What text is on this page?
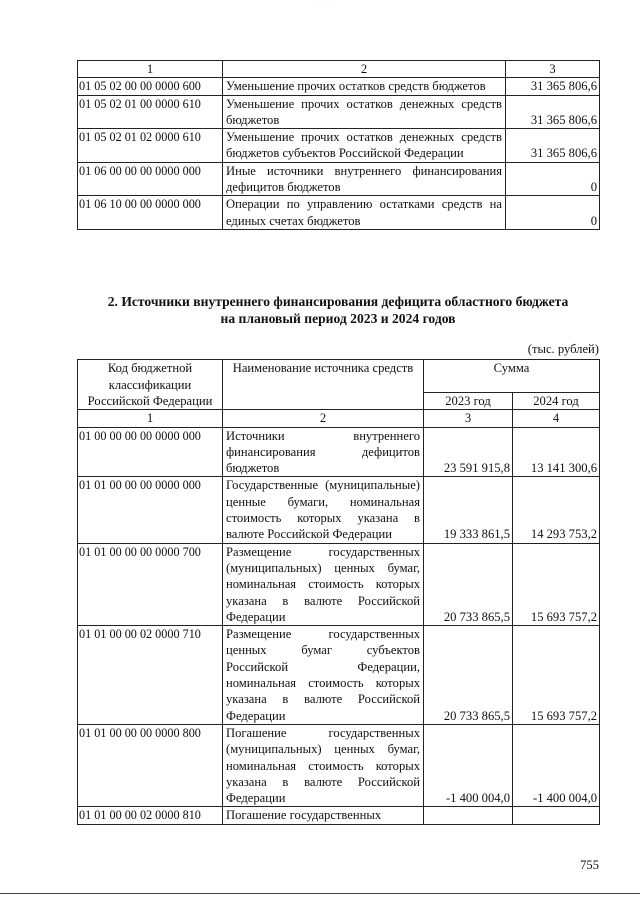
· · ·
1	2	3
01 05 02 00 00 0000 600	Уменьшение прочих остатков средств бюджетов	31 365 806,6
01 05 02 01 00 0000 610	Уменьшение прочих остатков денежных средств бюджетов	31 365 806,6
01 05 02 01 02 0000 610	Уменьшение прочих остатков денежных средств бюджетов субъектов Российской Федерации	31 365 806,6
01 06 00 00 00 0000 000	Иные источники внутреннего финансирования дефицитов бюджетов	0
01 06 10 00 00 0000 000	Операции по управлению остатками средств на единых счетах бюджетов	0
2. Источники внутреннего финансирования дефицита областного бюджета
на плановый период 2023 и 2024 годов
(тыс. рублей)
Код бюджетной классификации Российской Федерации	Наименование источника средств	Сумма	
		2023 год	2024 год
1	2	3	4
01 00 00 00 00 0000 000	Источники внутреннего финансирования дефицитов бюджетов	23 591 915,8	13 141 300,6
01 01 00 00 00 0000 000	Государственные (муниципальные) ценные бумаги, номинальная стоимость которых указана в валюте Российской Федерации	19 333 861,5	14 293 753,2
01 01 00 00 00 0000 700	Размещение государственных (муниципальных) ценных бумаг, номинальная стоимость которых указана в валюте Российской Федерации	20 733 865,5	15 693 757,2
01 01 00 00 02 0000 710	Размещение государственных ценных бумаг субъектов Российской Федерации, номинальная стоимость которых указана в валюте Российской Федерации	20 733 865,5	15 693 757,2
01 01 00 00 00 0000 800	Погашение государственных (муниципальных) ценных бумаг, номинальная стоимость которых указана в валюте Российской Федерации	-1 400 004,0	-1 400 004,0
01 01 00 00 02 0000 810	Погашение государственных		
755
